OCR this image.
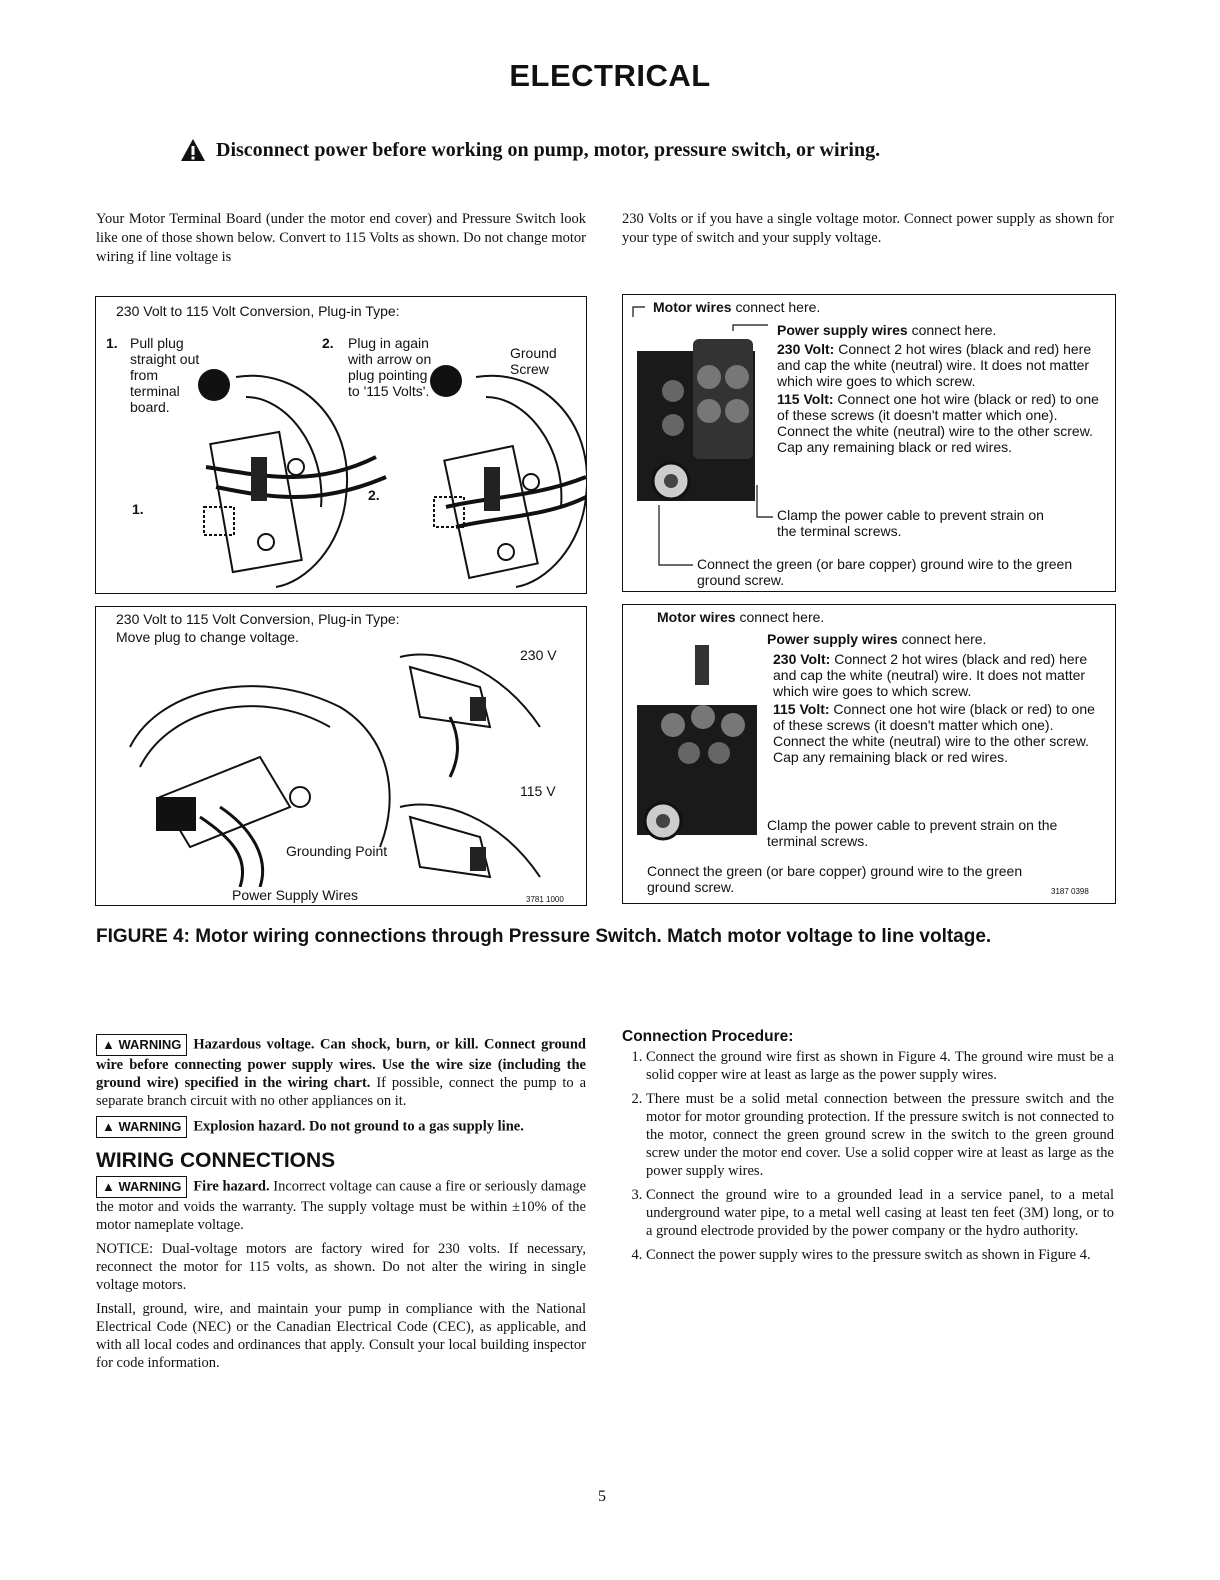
ELECTRICAL
Disconnect power before working on pump, motor, pressure switch, or wiring.
Your Motor Terminal Board (under the motor end cover) and Pressure Switch look like one of those shown below. Convert to 115 Volts as shown. Do not change motor wiring if line voltage is
230 Volts or if you have a single voltage motor. Connect power supply as shown for your type of switch and your supply voltage.
230 Volt to 115 Volt Conversion, Plug-in Type:
1. Pull plug straight out from terminal board.
2. Plug in again with arrow on plug pointing to '115 Volts'.
Ground Screw
1.
2.
Motor wires connect here.
Power supply wires connect here.
230 Volt: Connect 2 hot wires (black and red) here and cap the white (neutral) wire. It does not matter which wire goes to which screw.
115 Volt: Connect one hot wire (black or red) to one of these screws (it doesn't matter which one). Connect the white (neutral) wire to the other screw. Cap any remaining black or red wires.
Clamp the power cable to prevent strain on the terminal screws.
Connect the green (or bare copper) ground wire to the green ground screw.
230 Volt to 115 Volt Conversion, Plug-in Type:
Move plug to change voltage.
230 V
115 V
Grounding Point
Power Supply Wires	3781 1000
Motor wires connect here.
Power supply wires connect here.
230 Volt: Connect 2 hot wires (black and red) here and cap the white (neutral) wire. It does not matter which wire goes to which screw.
115 Volt: Connect one hot wire (black or red) to one of these screws (it doesn't matter which one). Connect the white (neutral) wire to the other screw. Cap any remaining black or red wires.
Clamp the power cable to prevent strain on the terminal screws.
Connect the green (or bare copper) ground wire to the green ground screw.	3187 0398
FIGURE 4: Motor wiring connections through Pressure Switch. Match motor voltage to line voltage.

▲ WARNING Hazardous voltage. Can shock, burn, or kill. Connect ground wire before connecting power supply wires. Use the wire size (including the ground wire) specified in the wiring chart. If possible, connect the pump to a separate branch circuit with no other appliances on it.

▲ WARNING Explosion hazard. Do not ground to a gas supply line.

WIRING CONNECTIONS

▲ WARNING Fire hazard. Incorrect voltage can cause a fire or seriously damage the motor and voids the warranty. The supply voltage must be within ±10% of the motor nameplate voltage.

NOTICE: Dual-voltage motors are factory wired for 230 volts. If necessary, reconnect the motor for 115 volts, as shown. Do not alter the wiring in single voltage motors.

Install, ground, wire, and maintain your pump in compliance with the National Electrical Code (NEC) or the Canadian Electrical Code (CEC), as applicable, and with all local codes and ordinances that apply. Consult your local building inspector for code information.

Connection Procedure:
1. Connect the ground wire first as shown in Figure 4. The ground wire must be a solid copper wire at least as large as the power supply wires.
2. There must be a solid metal connection between the pressure switch and the motor for motor grounding protection. If the pressure switch is not connected to the motor, connect the green ground screw in the switch to the green ground screw under the motor end cover. Use a solid copper wire at least as large as the power supply wires.
3. Connect the ground wire to a grounded lead in a service panel, to a metal underground water pipe, to a metal well casing at least ten feet (3M) long, or to a ground electrode provided by the power company or the hydro authority.
4. Connect the power supply wires to the pressure switch as shown in Figure 4.
5
